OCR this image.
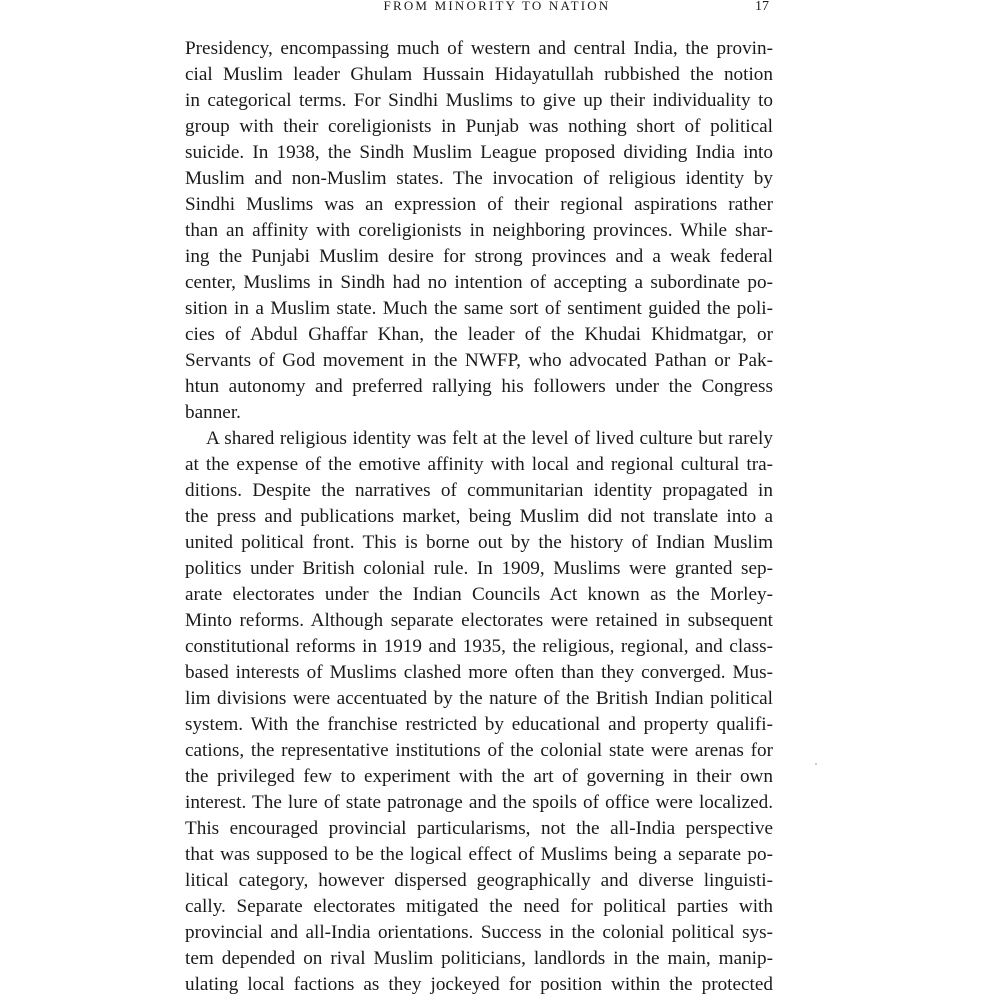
FROM MINORITY TO NATION	17
Presidency, encompassing much of western and central India, the provin-
cial Muslim leader Ghulam Hussain Hidayatullah rubbished the notion
in categorical terms. For Sindhi Muslims to give up their individuality to
group with their coreligionists in Punjab was nothing short of political
suicide. In 1938, the Sindh Muslim League proposed dividing India into
Muslim and non-Muslim states. The invocation of religious identity by
Sindhi Muslims was an expression of their regional aspirations rather
than an affinity with coreligionists in neighboring provinces. While shar-
ing the Punjabi Muslim desire for strong provinces and a weak federal
center, Muslims in Sindh had no intention of accepting a subordinate po-
sition in a Muslim state. Much the same sort of sentiment guided the poli-
cies of Abdul Ghaffar Khan, the leader of the Khudai Khidmatgar, or
Servants of God movement in the NWFP, who advocated Pathan or Pak-
htun autonomy and preferred rallying his followers under the Congress
banner.
A shared religious identity was felt at the level of lived culture but rarely
at the expense of the emotive affinity with local and regional cultural tra-
ditions. Despite the narratives of communitarian identity propagated in
the press and publications market, being Muslim did not translate into a
united political front. This is borne out by the history of Indian Muslim
politics under British colonial rule. In 1909, Muslims were granted sep-
arate electorates under the Indian Councils Act known as the Morley-
Minto reforms. Although separate electorates were retained in subsequent
constitutional reforms in 1919 and 1935, the religious, regional, and class-
based interests of Muslims clashed more often than they converged. Mus-
lim divisions were accentuated by the nature of the British Indian political
system. With the franchise restricted by educational and property qualifi-
cations, the representative institutions of the colonial state were arenas for
the privileged few to experiment with the art of governing in their own
interest. The lure of state patronage and the spoils of office were localized.
This encouraged provincial particularisms, not the all-India perspective
that was supposed to be the logical effect of Muslims being a separate po-
litical category, however dispersed geographically and diverse linguisti-
cally. Separate electorates mitigated the need for political parties with
provincial and all-India orientations. Success in the colonial political sys-
tem depended on rival Muslim politicians, landlords in the main, manip-
ulating local factions as they jockeyed for position within the protected
